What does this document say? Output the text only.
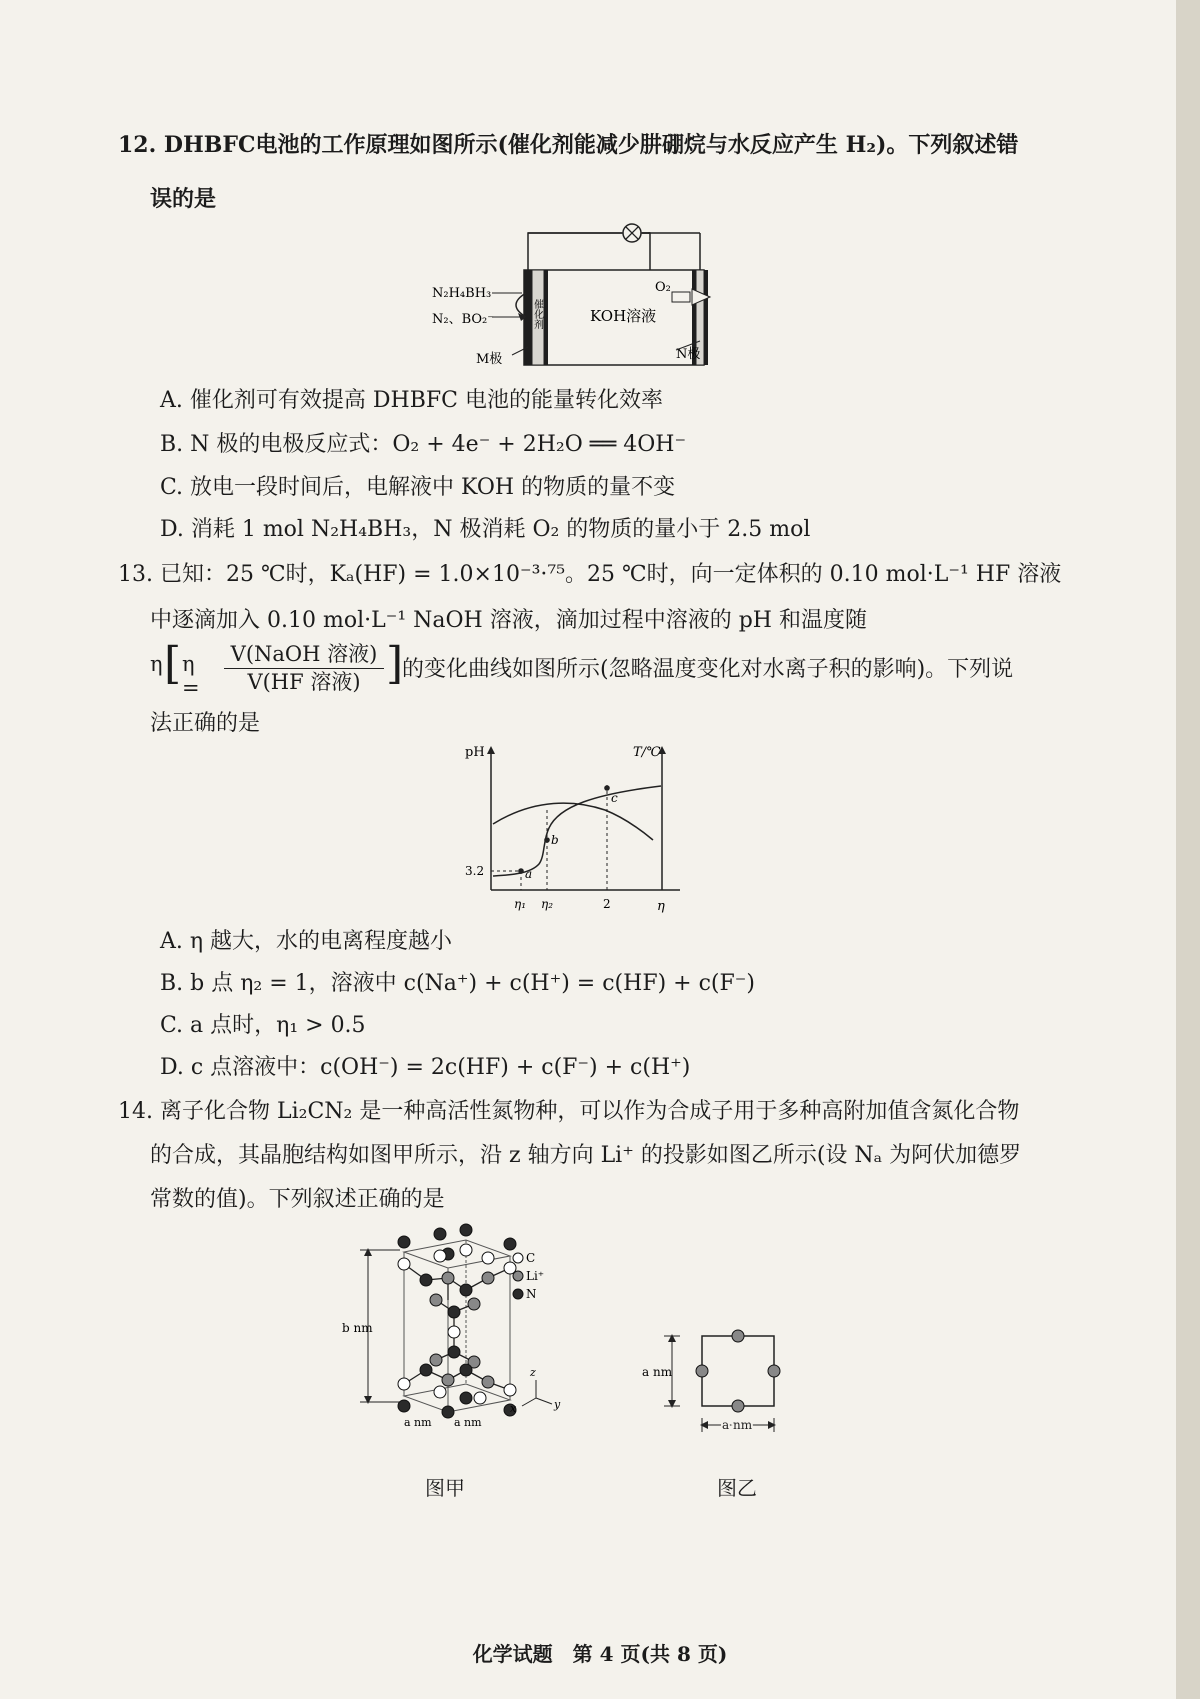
12. DHBFC电池的工作原理如图所示(催化剂能减少肼硼烷与水反应产生 H₂)。下列叙述错
误的是
N₂H₄BH₃
N₂、BO₂⁻	催化剂	KOH溶液
O₂
M极	N极
A. 催化剂可有效提高 DHBFC 电池的能量转化效率
B. N 极的电极反应式：O₂ + 4e⁻ + 2H₂O ══ 4OH⁻
C. 放电一段时间后，电解液中 KOH 的物质的量不变
D. 消耗 1 mol N₂H₄BH₃，N 极消耗 O₂ 的物质的量小于 2.5 mol
13. 已知：25 ℃时，Kₐ(HF) = 1.0×10⁻³·⁷⁵。25 ℃时，向一定体积的 0.10 mol·L⁻¹ HF 溶液
中逐滴加入 0.10 mol·L⁻¹ NaOH 溶液，滴加过程中溶液的 pH 和温度随
η [ η =
V(NaOH 溶液)
V(HF 溶液) ]
的变化曲线如图所示(忽略温度变化对水离子积的影响)。下列说
法正确的是
pH	T/℃
η
3.2
η₁ η₂	2
a
b
c
A. η 越大，水的电离程度越小
B. b 点 η₂ = 1，溶液中 c(Na⁺) + c(H⁺) = c(HF) + c(F⁻)
C. a 点时，η₁ > 0.5
D. c 点溶液中：c(OH⁻) = 2c(HF) + c(F⁻) + c(H⁺)
14. 离子化合物 Li₂CN₂ 是一种高活性氮物种，可以作为合成子用于多种高附加值含氮化合物
的合成，其晶胞结构如图甲所示，沿 z 轴方向 Li⁺ 的投影如图乙所示(设 Nₐ 为阿伏加德罗
常数的值)。下列叙述正确的是
b nm
a nm a nm
C
Li⁺
N
z
y
x
图甲
a nm
a nm
图乙
化学试题　第 4 页(共 8 页)
